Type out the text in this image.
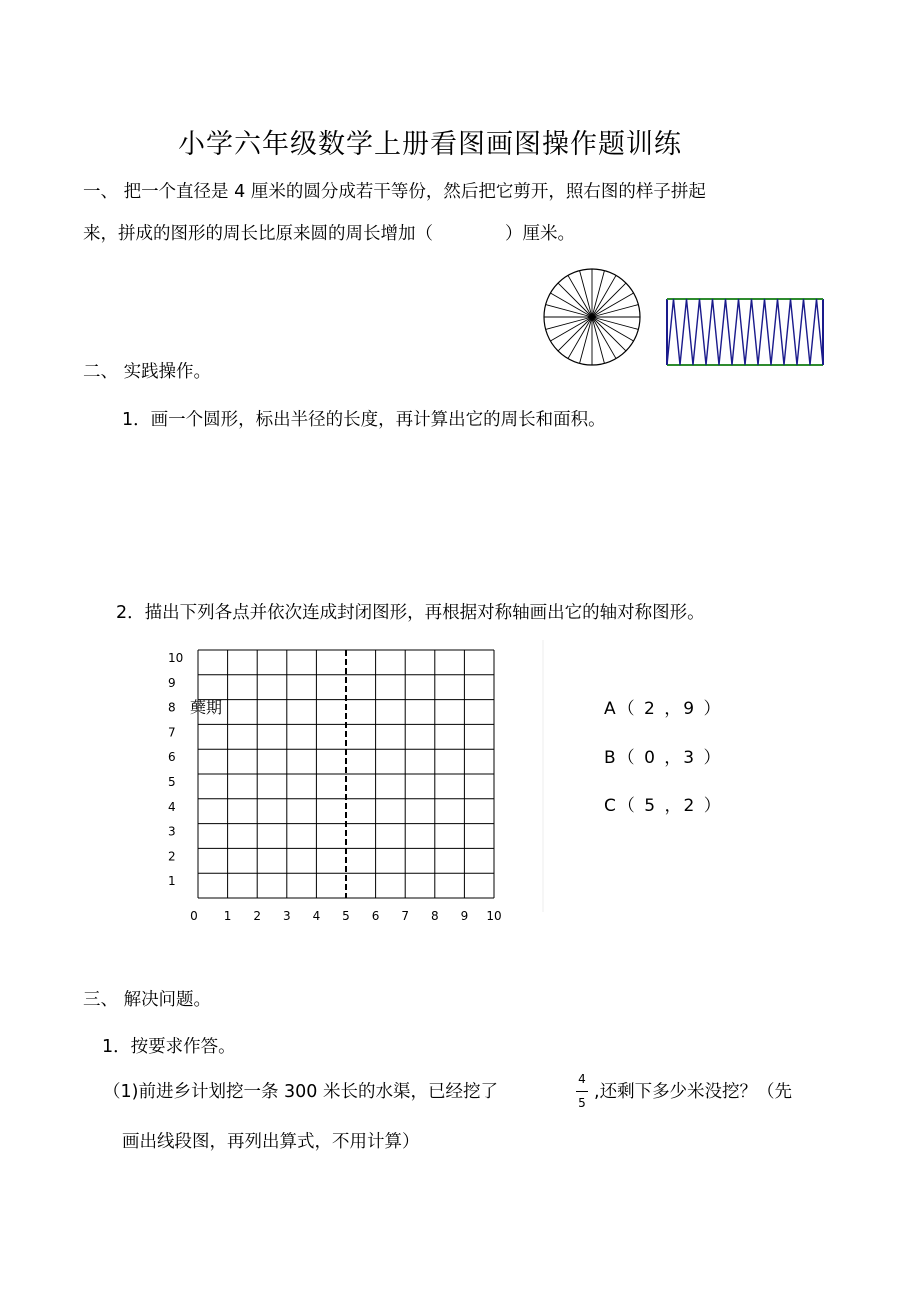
小学六年级数学上册看图画图操作题训练
一、 把一个直径是 4 厘米的圆分成若干等份，然后把它剪开，照右图的样子拼起
来，拼成的图形的周长比原来圆的周长增加（	）厘米。
二、 实践操作。
1．画一个圆形，标出半径的长度，再计算出它的周长和面积。
2．描出下列各点并依次连成封闭图形，再根据对称轴画出它的轴对称图形。
10
9
8
7
6
5
4
3
2
1
0 1 2 3 4 5 6 7 8 9 10
蘖期	A（ 2 ，9 ）
B（ 0 ，3 ）
C（ 5 ，2 ）
三、 解决问题。
1．按要求作答。
（1)前进乡计划挖一条 300 米长的水渠，已经挖了
4
5
,还剩下多少米没挖？（先
画出线段图，再列出算式，不用计算）
